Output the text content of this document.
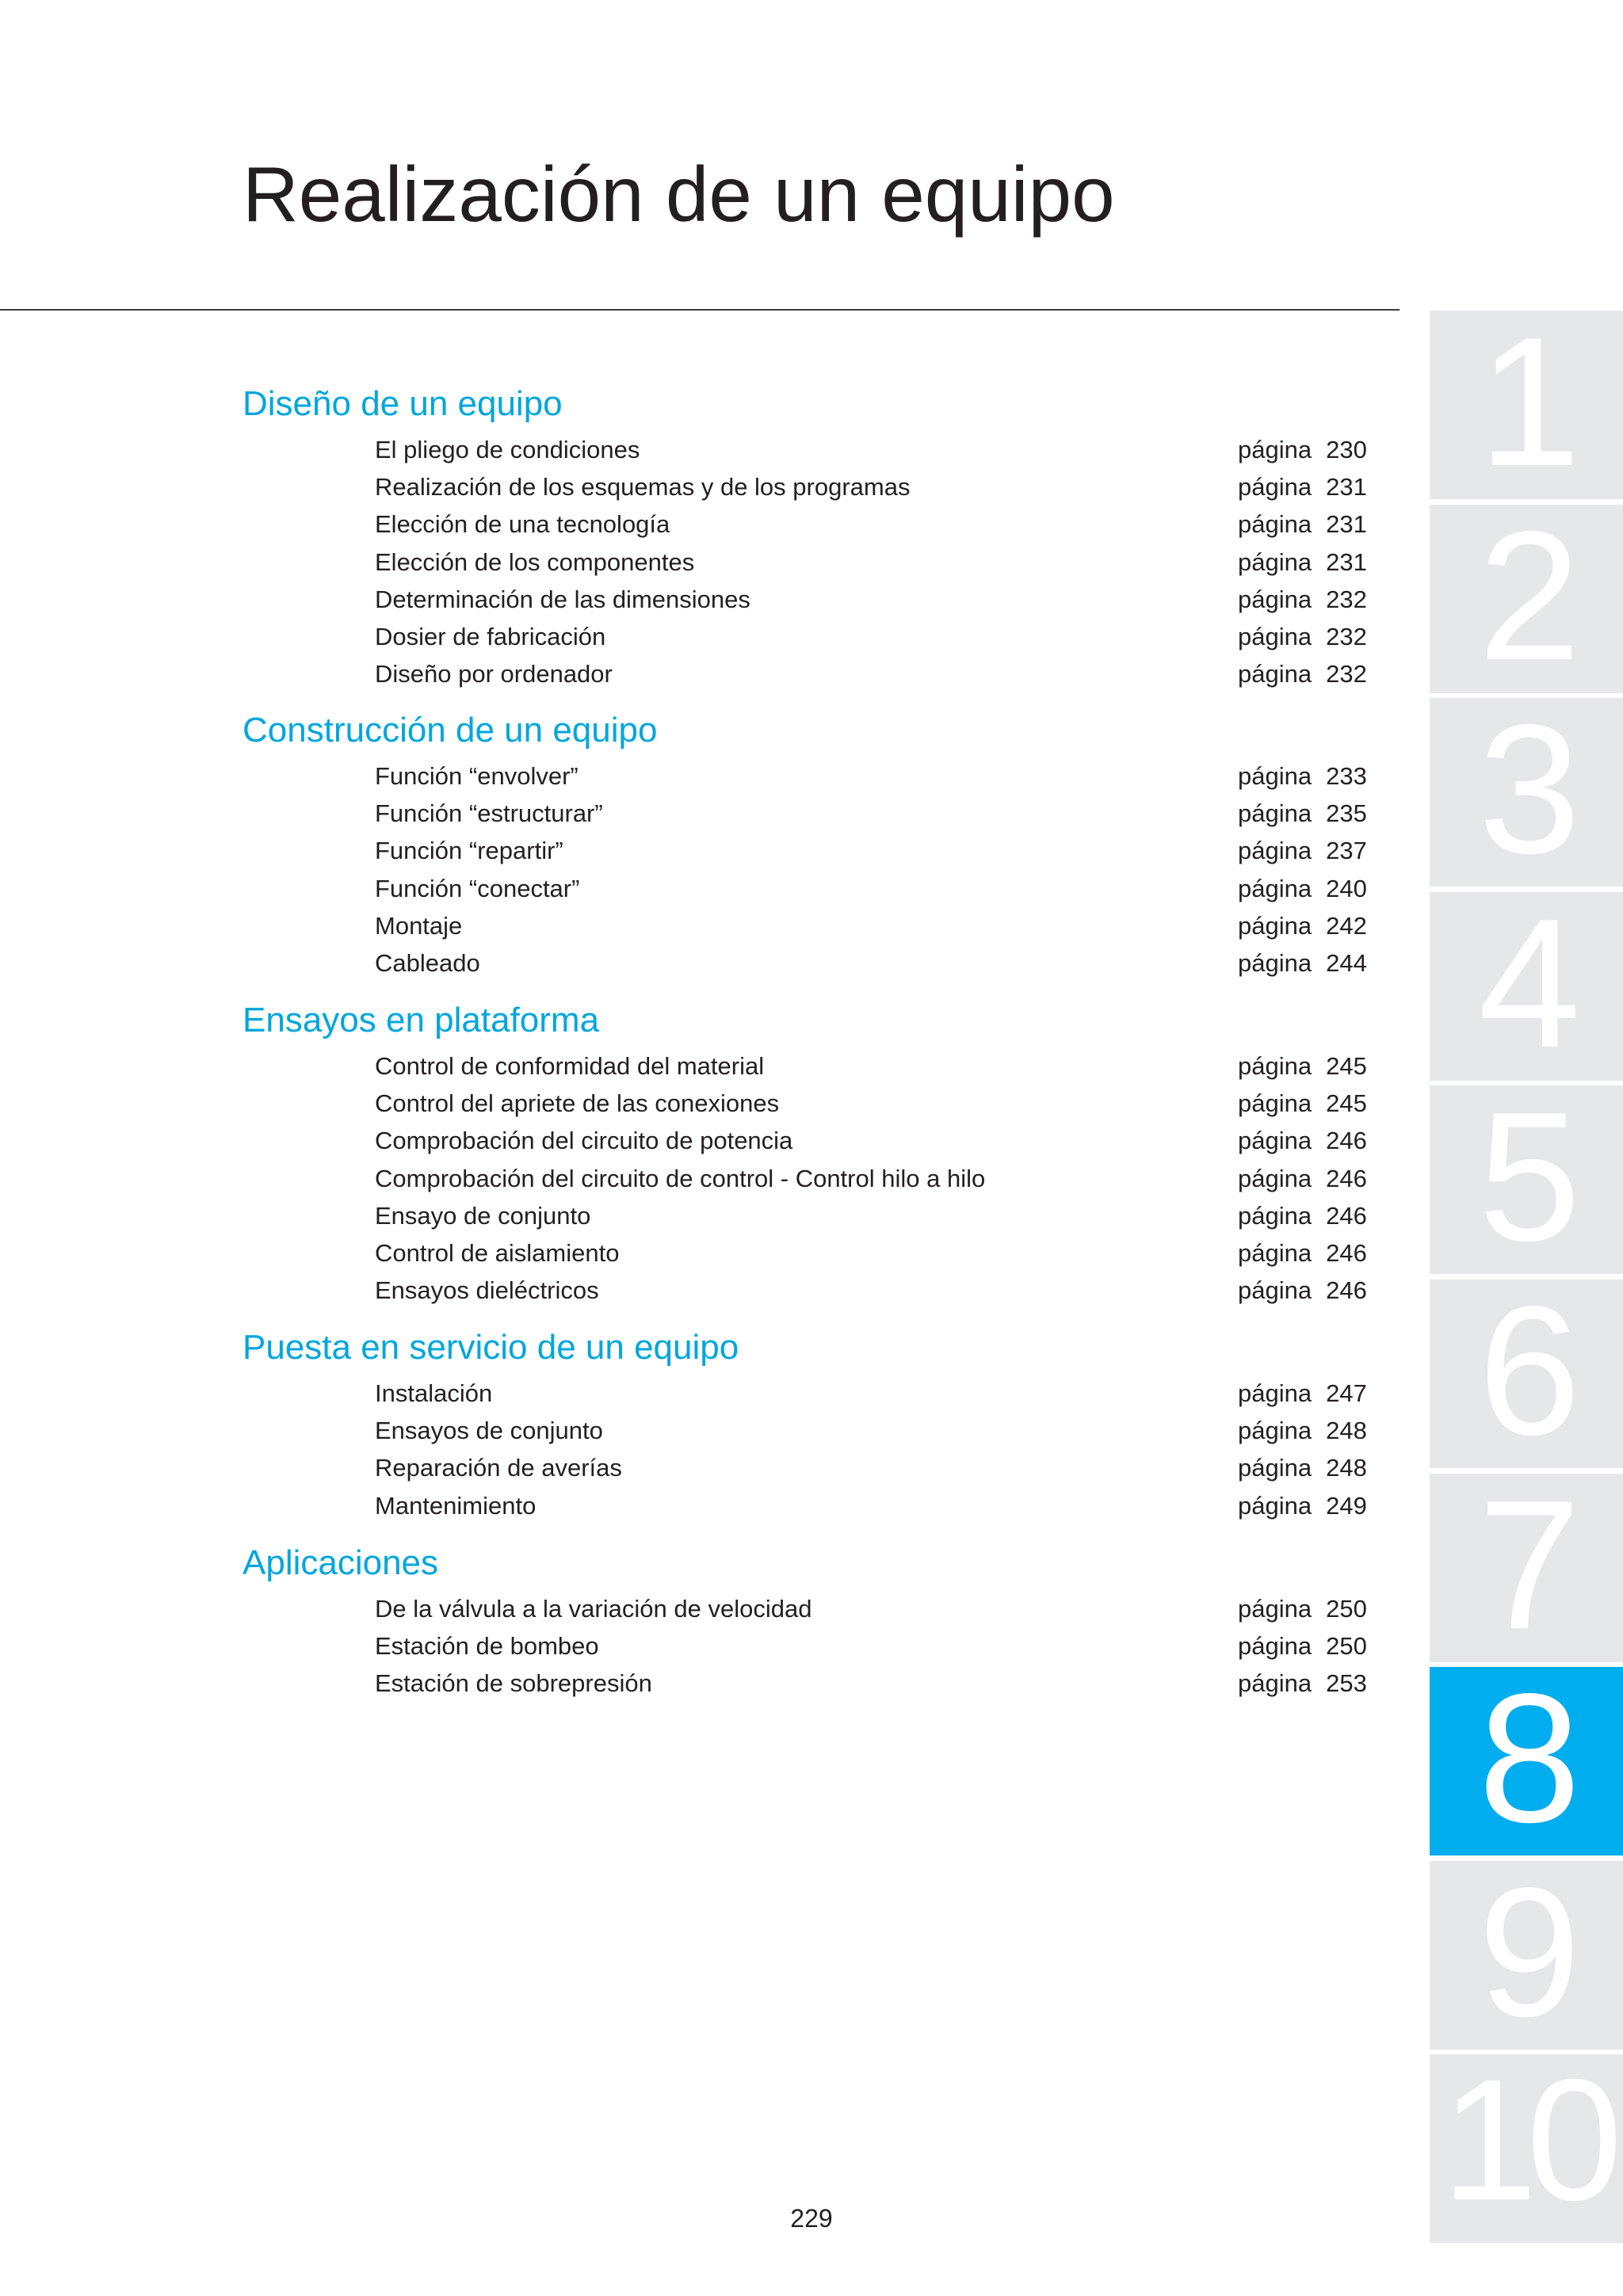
Realización de un equipo
Diseño de un equipo
El pliego de condiciones	página 230
Realización de los esquemas y de los programas	página 231
Elección de una tecnología	página 231
Elección de los componentes	página 231
Determinación de las dimensiones	página 232
Dosier de fabricación	página 232
Diseño por ordenador	página 232
Construcción de un equipo
Función “envolver”	página 233
Función “estructurar”	página 235
Función “repartir”	página 237
Función “conectar”	página 240
Montaje	página 242
Cableado	página 244
Ensayos en plataforma
Control de conformidad del material	página 245
Control del apriete de las conexiones	página 245
Comprobación del circuito de potencia	página 246
Comprobación del circuito de control - Control hilo a hilo	página 246
Ensayo de conjunto	página 246
Control de aislamiento	página 246
Ensayos dieléctricos	página 246
Puesta en servicio de un equipo
Instalación	página 247
Ensayos de conjunto	página 248
Reparación de averías	página 248
Mantenimiento	página 249
Aplicaciones
De la válvula a la variación de velocidad	página 250
Estación de bombeo	página 250
Estación de sobrepresión	página 253
1
2
3
4
5
6
7
8
9
10
229
